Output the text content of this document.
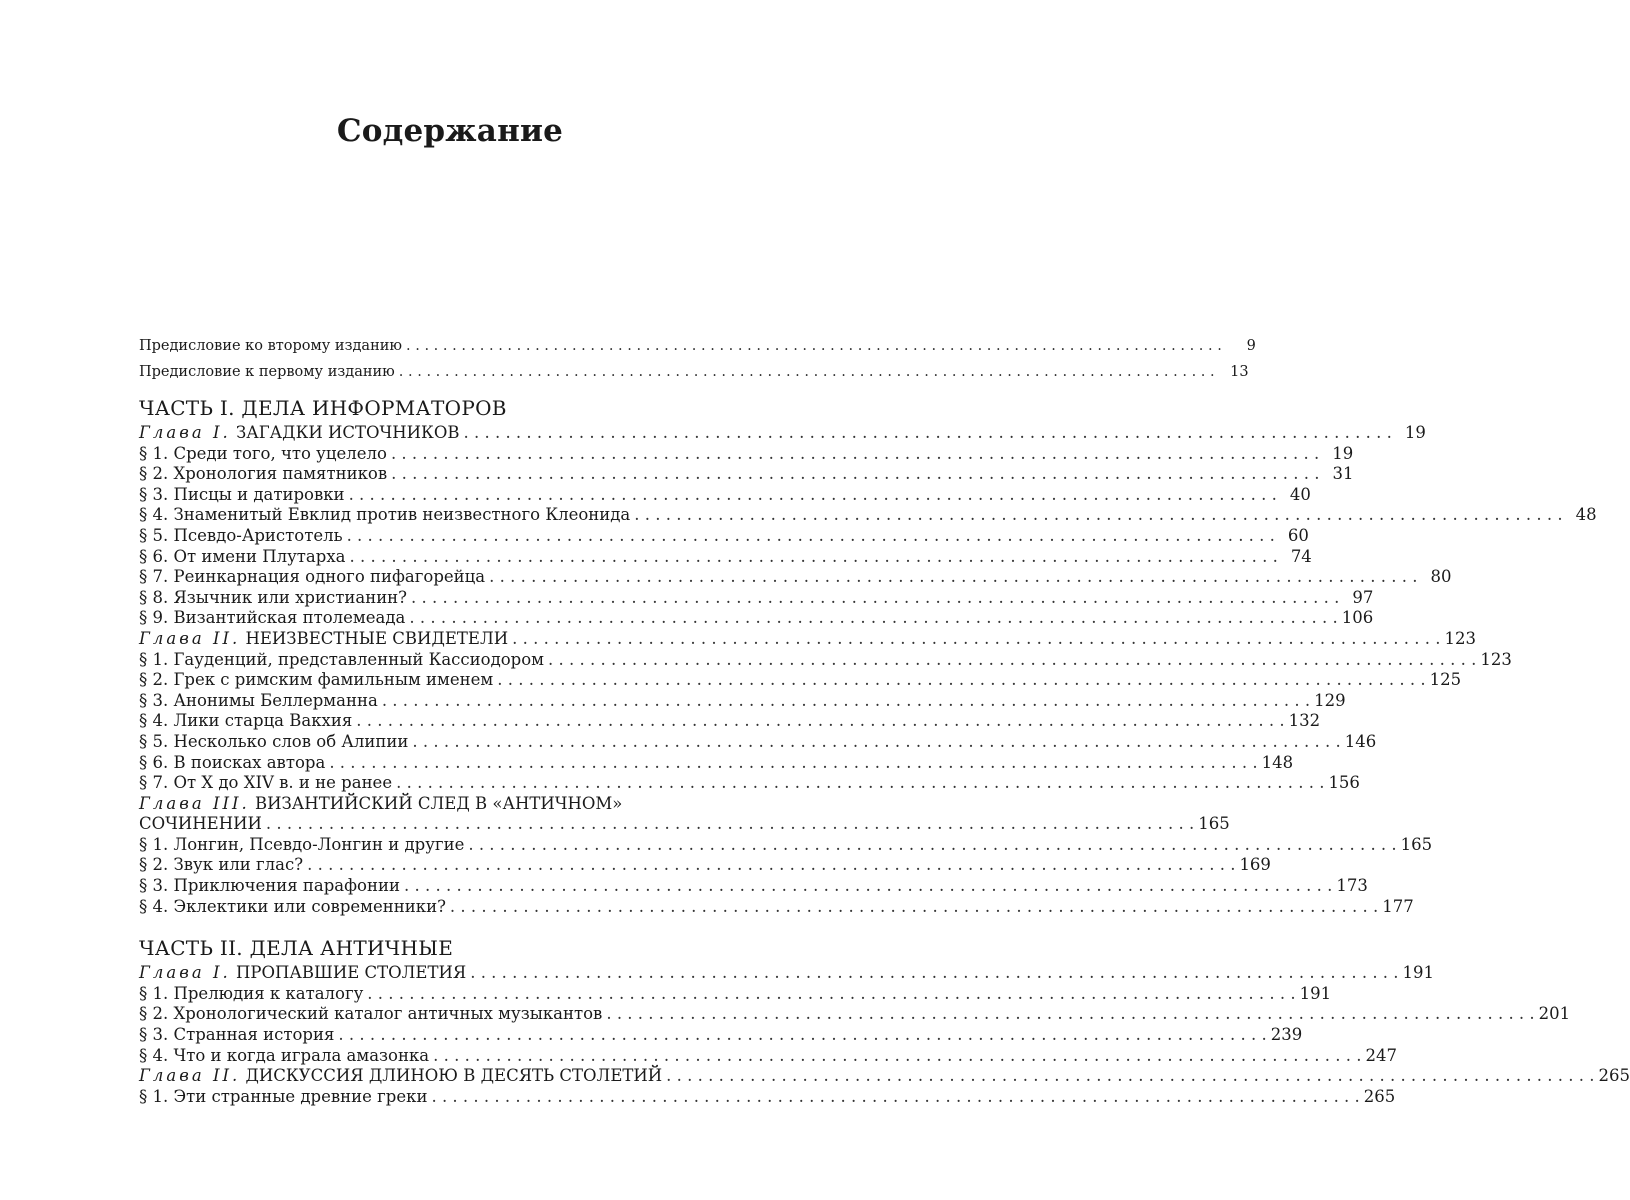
Содержание
Предисловие ко второму изданию . . .	9
Предисловие к первому изданию . . .	13
ЧАСТЬ I. ДЕЛА ИНФОРМАТОРОВ
Глава I. ЗАГАДКИ ИСТОЧНИКОВ . . .	19
§ 1. Среди того, что уцелело . . .	19
§ 2. Хронология памятников . . .	31
§ 3. Писцы и датировки . . .	40
§ 4. Знаменитый Евклид против неизвестного Клеонида . . .	48
§ 5. Псевдо-Аристотель . . .	60
§ 6. От имени Плутарха . . .	74
§ 7. Реинкарнация одного пифагорейца . . .	80
§ 8. Язычник или христианин? . . .	97
§ 9. Византийская птолемеада . . .	106
Глава II. НЕИЗВЕСТНЫЕ СВИДЕТЕЛИ . . .	123
§ 1. Гауденций, представленный Кассиодором . . .	123
§ 2. Грек с римским фамильным именем . . .	125
§ 3. Анонимы Беллерманна . . .	129
§ 4. Лики старца Вакхия . . .	132
§ 5. Несколько слов об Алипии . . .	146
§ 6. В поисках автора . . .	148
§ 7. От X до XIV в. и не ранее . . .	156
Глава III. ВИЗАНТИЙСКИЙ СЛЕД В «АНТИЧНОМ»
СОЧИНЕНИИ . . .	165
§ 1. Лонгин, Псевдо-Лонгин и другие . . .	165
§ 2. Звук или глас? . . .	169
§ 3. Приключения парафонии . . .	173
§ 4. Эклектики или современники? . . .	177
ЧАСТЬ II. ДЕЛА АНТИЧНЫЕ
Глава I. ПРОПАВШИЕ СТОЛЕТИЯ . . .	191
§ 1. Прелюдия к каталогу . . .	191
§ 2. Хронологический каталог античных музыкантов . . .	201
§ 3. Странная история . . .	239
§ 4. Что и когда играла амазонка . . .	247
Глава II. ДИСКУССИЯ ДЛИНОЮ В ДЕСЯТЬ СТОЛЕТИЙ . . .	265
§ 1. Эти странные древние греки . . .	265
